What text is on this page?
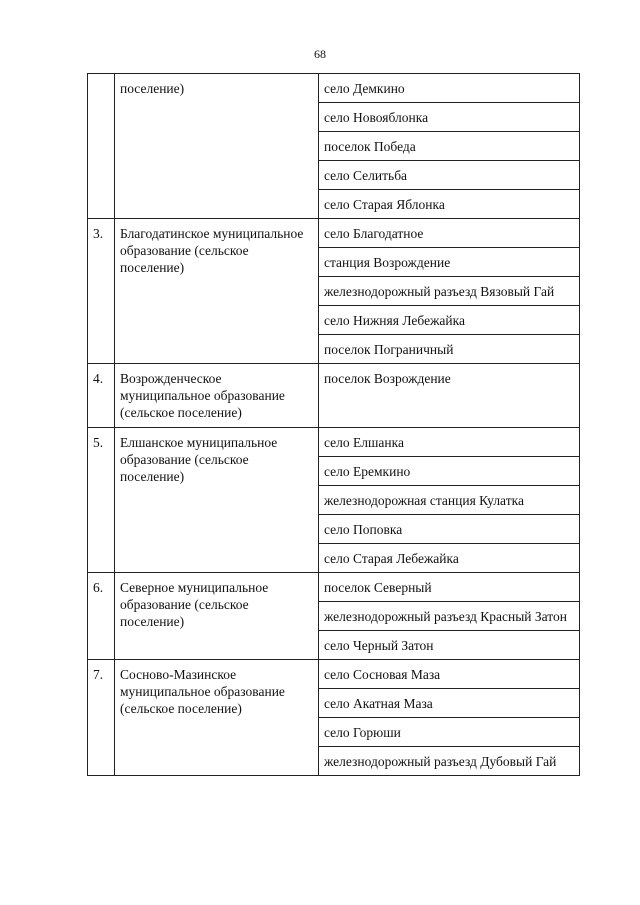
68
	поселение)	село Демкино
		село Новояблонка
		поселок Победа
		село Селитьба
		село Старая Яблонка
3.	Благодатинское муниципальное образование (сельское поселение)	село Благодатное
		станция Возрождение
		железнодорожный разъезд Вязовый Гай
		село Нижняя Лебежайка
		поселок Пограничный
4.	Возрожденческое муниципальное образование (сельское поселение)	поселок Возрождение
5.	Елшанское муниципальное образование (сельское поселение)	село Елшанка
		село Еремкино
		железнодорожная станция Кулатка
		село Поповка
		село Старая Лебежайка
6.	Северное муниципальное образование (сельское поселение)	поселок Северный
		железнодорожный разъезд Красный Затон
		село Черный Затон
7.	Сосново-Мазинское муниципальное образование (сельское поселение)	село Сосновая Маза
		село Акатная Маза
		село Горюши
		железнодорожный разъезд Дубовый Гай
